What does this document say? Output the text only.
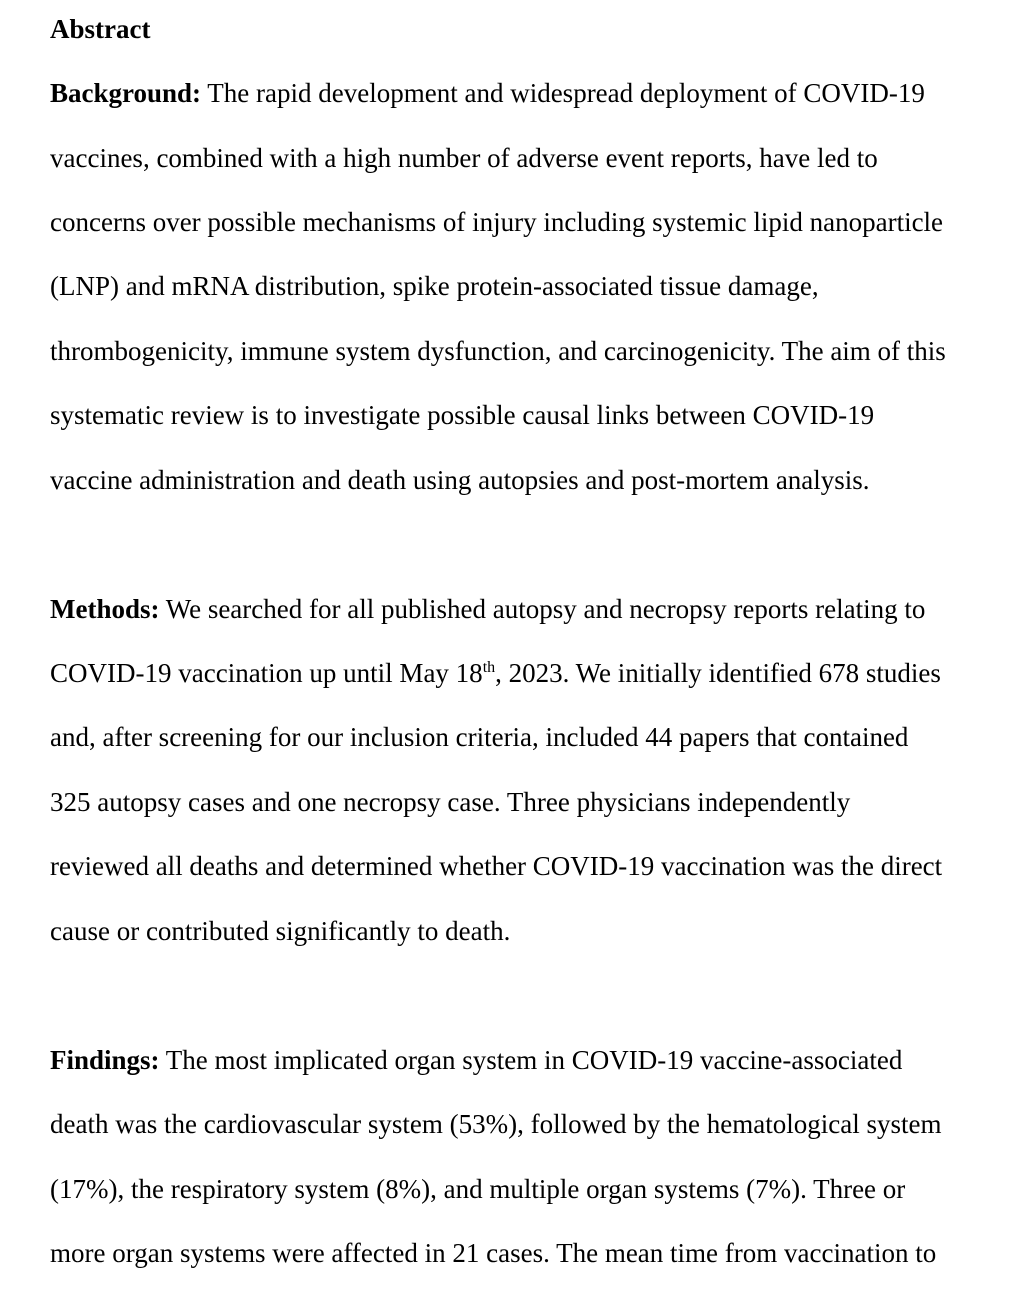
Abstract
Background: The rapid development and widespread deployment of COVID-19
vaccines, combined with a high number of adverse event reports, have led to
concerns over possible mechanisms of injury including systemic lipid nanoparticle
(LNP) and mRNA distribution, spike protein-associated tissue damage,
thrombogenicity, immune system dysfunction, and carcinogenicity. The aim of this
systematic review is to investigate possible causal links between COVID-19
vaccine administration and death using autopsies and post-mortem analysis.
Methods: We searched for all published autopsy and necropsy reports relating to
COVID-19 vaccination up until May 18th, 2023. We initially identified 678 studies
and, after screening for our inclusion criteria, included 44 papers that contained
325 autopsy cases and one necropsy case. Three physicians independently
reviewed all deaths and determined whether COVID-19 vaccination was the direct
cause or contributed significantly to death.
Findings: The most implicated organ system in COVID-19 vaccine-associated
death was the cardiovascular system (53%), followed by the hematological system
(17%), the respiratory system (8%), and multiple organ systems (7%). Three or
more organ systems were affected in 21 cases. The mean time from vaccination to
